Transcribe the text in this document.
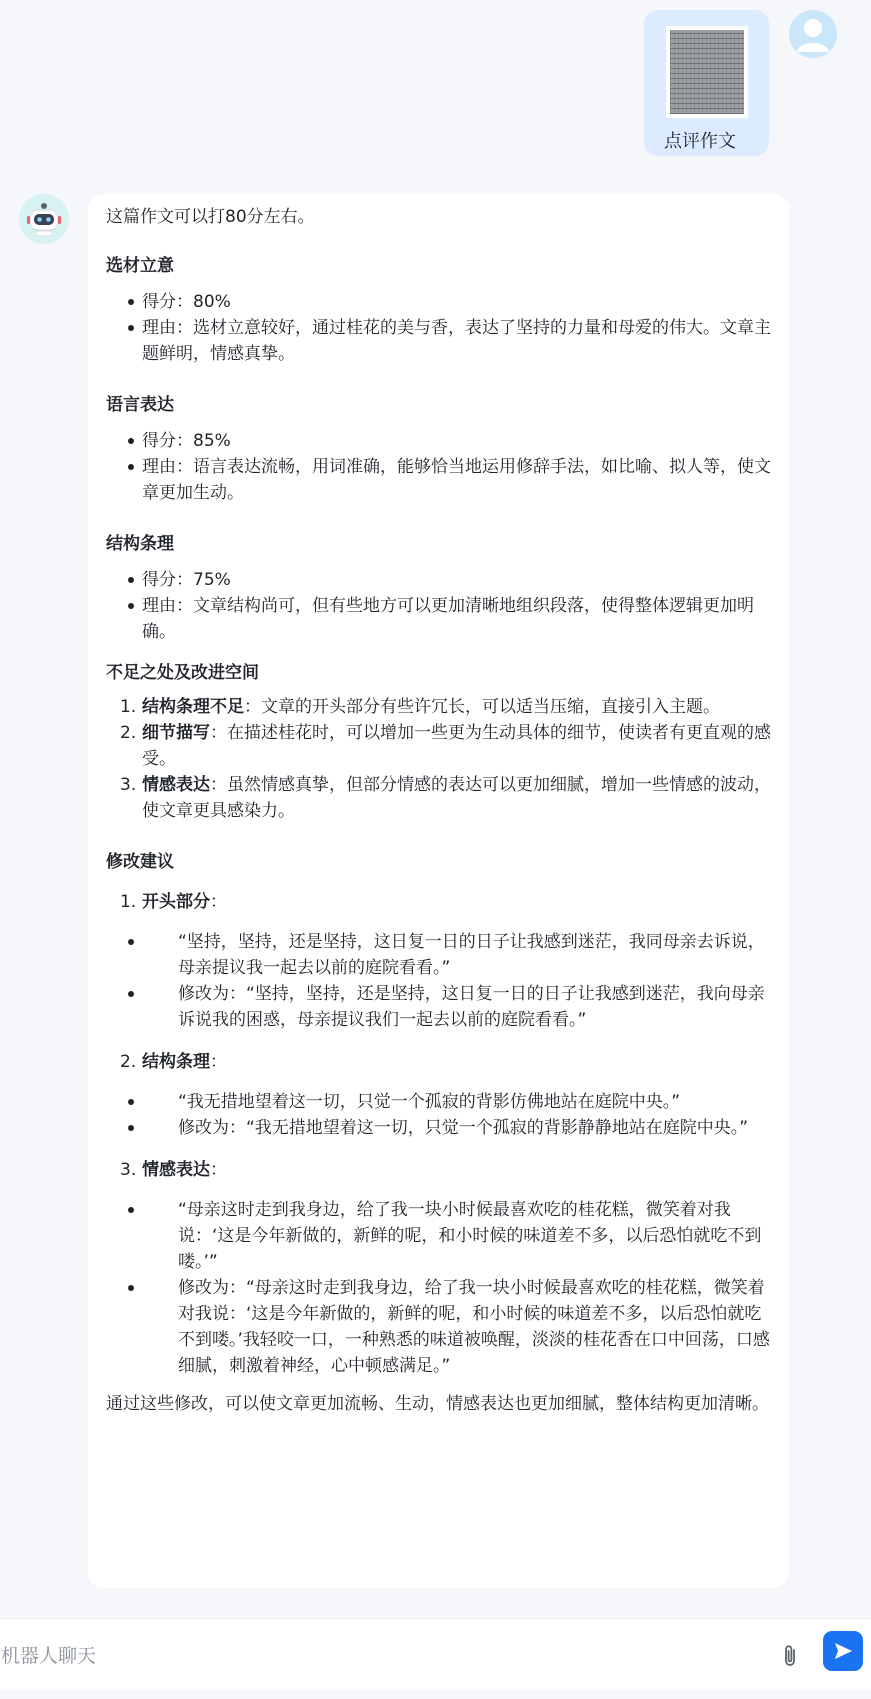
点评作文

这篇作文可以打80分左右。

选材立意
得分：80%
理由：选材立意较好，通过桂花的美与香，表达了坚持的力量和母爱的伟大。文章主题鲜明，情感真挚。
语言表达
得分：85%
理由：语言表达流畅，用词准确，能够恰当地运用修辞手法，如比喻、拟人等，使文章更加生动。
结构条理
得分：75%
理由：文章结构尚可，但有些地方可以更加清晰地组织段落，使得整体逻辑更加明确。
不足之处及改进空间
1. 结构条理不足：文章的开头部分有些许冗长，可以适当压缩，直接引入主题。
2. 细节描写：在描述桂花时，可以增加一些更为生动具体的细节，使读者有更直观的感受。
3. 情感表达：虽然情感真挚，但部分情感的表达可以更加细腻，增加一些情感的波动，使文章更具感染力。
修改建议
1. 开头部分：
“坚持，坚持，还是坚持，这日复一日的日子让我感到迷茫，我同母亲去诉说，母亲提议我一起去以前的庭院看看。”
修改为：“坚持，坚持，还是坚持，这日复一日的日子让我感到迷茫，我向母亲诉说我的困惑，母亲提议我们一起去以前的庭院看看。”
2. 结构条理：
“我无措地望着这一切，只觉一个孤寂的背影仿佛地站在庭院中央。”
修改为：“我无措地望着这一切，只觉一个孤寂的背影静静地站在庭院中央。”
3. 情感表达：
“母亲这时走到我身边，给了我一块小时候最喜欢吃的桂花糕，微笑着对我说：‘这是今年新做的，新鲜的呢，和小时候的味道差不多，以后恐怕就吃不到喽。’”
修改为：“母亲这时走到我身边，给了我一块小时候最喜欢吃的桂花糕，微笑着对我说：‘这是今年新做的，新鲜的呢，和小时候的味道差不多，以后恐怕就吃不到喽。’我轻咬一口，一种熟悉的味道被唤醒，淡淡的桂花香在口中回荡，口感细腻，刺激着神经，心中顿感满足。”

通过这些修改，可以使文章更加流畅、生动，情感表达也更加细腻，整体结构更加清晰。

和机器人聊天
